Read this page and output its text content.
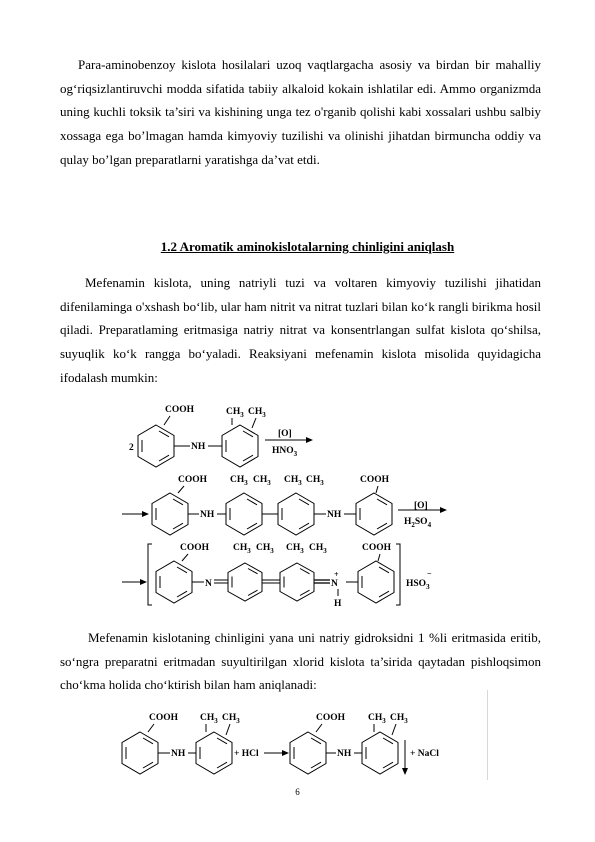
Para-aminobenzoy kislota hosilalari uzoq vaqtlargacha asosiy va birdan bir mahalliy og‘riqsizlantiruvchi modda sifatida tabiiy alkaloid kokain ishlatilar edi. Ammo organizmda uning kuchli toksik ta’siri va kishining unga tez o'rganib qolishi kabi xossalari ushbu salbiy xossaga ega bo’lmagan hamda kimyoviy tuzilishi va olinishi jihatdan birmuncha oddiy va qulay bo’lgan preparatlarni yaratishga da’vat etdi.

1.2 Aromatik aminokislotalarning chinligini aniqlash

Mefenamin kislota, uning natriyli tuzi va voltaren kimyoviy tuzilishi jihatidan difenilaminga o'xshash bo‘lib, ular ham nitrit va nitrat tuzlari bilan ko‘k rangli birikma hosil qiladi. Preparatlaming eritmasiga natriy nitrat va konsentrlangan sulfat kislota qo‘shilsa, suyuqlik ko‘k rangga bo‘yaladi. Reaksiyani mefenamin kislota misolida quyidagicha ifodalash mumkin:

Mefenamin kislotaning chinligini yana uni natriy gidroksidni 1 %li eritmasida eritib, so‘ngra preparatni eritmadan suyultirilgan xlorid kislota ta’sirida qaytadan pishloqsimon cho‘kma holida cho‘ktirish bilan ham aniqlanadi:

2
COOH
NH
$CH_3$ $CH_3$
[O]
$HNO_3$
COOH
NH	NH
COOH
$CH_3$ $CH_3$ $CH_3$ $CH_3$
[O]
$H_2SO_4$
COOH
N	N
+
H
COOH
$CH_3$ $CH_3$ $CH_3$ $CH_3$
$HSO_3$
−
COOH
NH
$CH_3$ $CH_3$
+ HCl
COOH
NH
$CH_3$ $CH_3$
+ NaCl
6
